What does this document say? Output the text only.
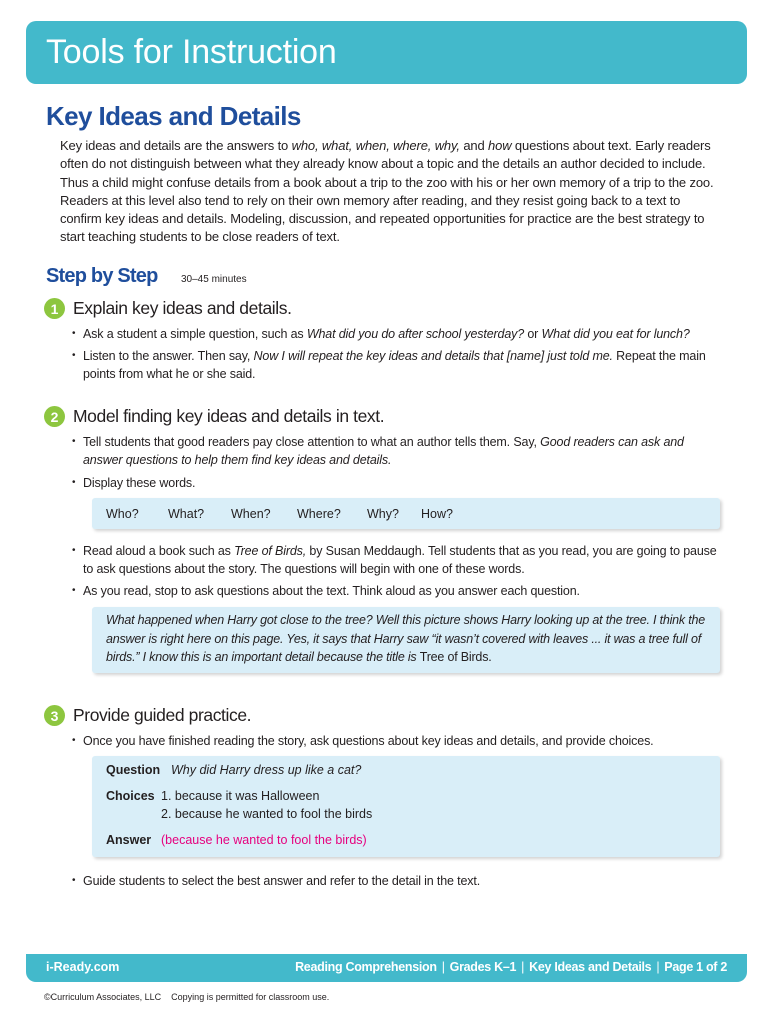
Tools for Instruction
Key Ideas and Details

Key ideas and details are the answers to who, what, when, where, why, and how questions about text. Early readers often do not distinguish between what they already know about a topic and the details an author decided to include. Thus a child might confuse details from a book about a trip to the zoo with his or her own memory of a trip to the zoo. Readers at this level also tend to rely on their own memory after reading, and they resist going back to a text to confirm key ideas and details. Modeling, discussion, and repeated opportunities for practice are the best strategy to start teaching students to be close readers of text.

Step by Step 30–45 minutes
1 Explain key ideas and details.
• Ask a student a simple question, such as What did you do after school yesterday? or What did you eat for lunch?
• Listen to the answer. Then say, Now I will repeat the key ideas and details that [name] just told me. Repeat the main points from what he or she said.
2 Model finding key ideas and details in text.
• Tell students that good readers pay close attention to what an author tells them. Say, Good readers can ask and answer questions to help them find key ideas and details.
• Display these words.
Who?	What?	When?	Where?	Why?	How?
• Read aloud a book such as Tree of Birds, by Susan Meddaugh. Tell students that as you read, you are going to pause to ask questions about the story. The questions will begin with one of these words.
• As you read, stop to ask questions about the text. Think aloud as you answer each question.
What happened when Harry got close to the tree? Well this picture shows Harry looking up at the tree. I think the answer is right here on this page. Yes, it says that Harry saw “it wasn’t covered with leaves ... it was a tree full of birds.” I know this is an important detail because the title is Tree of Birds.
3 Provide guided practice.
• Once you have finished reading the story, ask questions about key ideas and details, and provide choices.
Question Why did Harry dress up like a cat?
Choices 1. because it was Halloween
2. because he wanted to fool the birds
Answer (because he wanted to fool the birds)
• Guide students to select the best answer and refer to the detail in the text.
i-Ready.com	Reading Comprehension | Grades K–1 | Key Ideas and Details | Page 1 of 2
©Curriculum Associates, LLC    Copying is permitted for classroom use.
